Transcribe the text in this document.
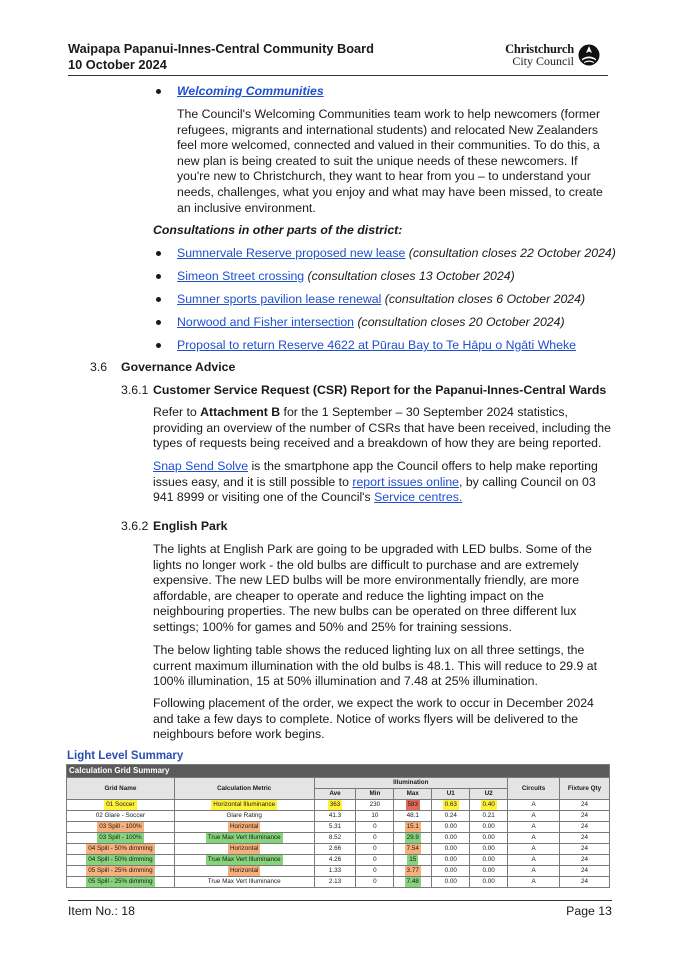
Waipapa Papanui-Innes-Central Community Board
10 October 2024
Christchurch
City Council
Welcoming Communities
The Council's Welcoming Communities team work to help newcomers (former refugees, migrants and international students) and relocated New Zealanders feel more welcomed, connected and valued in their communities. To do this, a new plan is being created to suit the unique needs of these newcomers. If you're new to Christchurch, they want to hear from you – to understand your needs, challenges, what you enjoy and what may have been missed, to create an inclusive environment.
Consultations in other parts of the district:
Sumnervale Reserve proposed new lease (consultation closes 22 October 2024)
Simeon Street crossing (consultation closes 13 October 2024)
Sumner sports pavilion lease renewal (consultation closes 6 October 2024)
Norwood and Fisher intersection (consultation closes 20 October 2024)
Proposal to return Reserve 4622 at Pūrau Bay to Te Hāpu o Ngāti Wheke
3.6 Governance Advice
3.6.1 Customer Service Request (CSR) Report for the Papanui-Innes-Central Wards
Refer to Attachment B for the 1 September – 30 September 2024 statistics, providing an overview of the number of CSRs that have been received, including the types of requests being received and a breakdown of how they are being reported.
Snap Send Solve is the smartphone app the Council offers to help make reporting issues easy, and it is still possible to report issues online, by calling Council on 03 941 8999 or visiting one of the Council's Service centres.
3.6.2 English Park
The lights at English Park are going to be upgraded with LED bulbs. Some of the lights no longer work - the old bulbs are difficult to purchase and are extremely expensive. The new LED bulbs will be more environmentally friendly, are more affordable, are cheaper to operate and reduce the lighting impact on the neighbouring properties. The new bulbs can be operated on three different lux settings; 100% for games and 50% and 25% for training sessions.
The below lighting table shows the reduced lighting lux on all three settings, the current maximum illumination with the old bulbs is 48.1. This will reduce to 29.9 at 100% illumination, 15 at 50% illumination and 7.48 at 25% illumination.
Following placement of the order, we expect the work to occur in December 2024 and take a few days to complete. Notice of works flyers will be delivered to the neighbours before work begins.
Light Level Summary
Calculation Grid Summary								
Grid Name	Calculation Metric	Illumination					Circuits	Fixture Qty
		Ave	Min	Max	U1	U2		
01 Soccer	Horizontal Illuminance	363	230	583	0.63	0.40	A	24
02 Glare - Soccer	Glare Rating	41.3	10	48.1	0.24	0.21	A	24
03 Spill - 100%	Horizontal	5.31	0	15.1	0.00	0.00	A	24
03 Spill - 100%	True Max Vert Illuminance	8.52	0	29.9	0.00	0.00	A	24
04 Spill - 50% dimming	Horizontal	2.66	0	7.54	0.00	0.00	A	24
04 Spill - 50% dimming	True Max Vert Illuminance	4.26	0	15	0.00	0.00	A	24
05 Spill - 25% dimming	Horizontal	1.33	0	3.77	0.00	0.00	A	24
05 Spill - 25% dimming	True Max Vert Illuminance	2.13	0	7.48	0.00	0.00	A	24
Item No.: 18	Page 13
